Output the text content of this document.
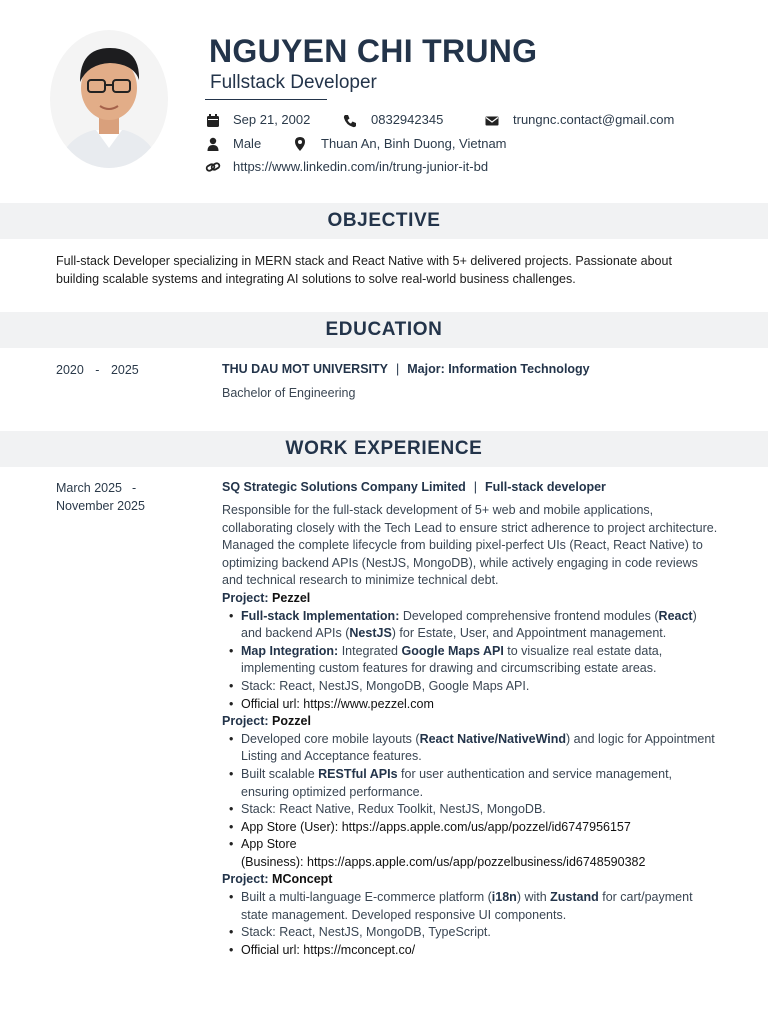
NGUYEN CHI TRUNG
Fullstack Developer
Sep 21, 2002	0832942345	trungnc.contact@gmail.com
Male	Thuan An, Binh Duong, Vietnam
https://www.linkedin.com/in/trung-junior-it-bd
OBJECTIVE
Full-stack Developer specializing in MERN stack and React Native with 5+ delivered projects. Passionate about building scalable systems and integrating AI solutions to solve real-world business challenges.
EDUCATION
2020 - 2025	THU DAU MOT UNIVERSITY | Major: Information Technology
Bachelor of Engineering
WORK EXPERIENCE
March 2025 -
November 2025
SQ Strategic Solutions Company Limited | Full-stack developer

Responsible for the full-stack development of 5+ web and mobile applications, collaborating closely with the Tech Lead to ensure strict adherence to project architecture. Managed the complete lifecycle from building pixel-perfect UIs (React, React Native) to optimizing backend APIs (NestJS, MongoDB), while actively engaging in code reviews and technical research to minimize technical debt.

Project: Pezzel

• Full-stack Implementation: Developed comprehensive frontend modules (React) and backend APIs (NestJS) for Estate, User, and Appointment management.
• Map Integration: Integrated Google Maps API to visualize real estate data, implementing custom features for drawing and circumscribing estate areas.
• Stack: React, NestJS, MongoDB, Google Maps API.
• Official url: https://www.pezzel.com

Project: Pozzel

• Developed core mobile layouts (React Native/NativeWind) and logic for Appointment Listing and Acceptance features.
• Built scalable RESTful APIs for user authentication and service management, ensuring optimized performance.
• Stack: React Native, Redux Toolkit, NestJS, MongoDB.
• App Store (User): https://apps.apple.com/us/app/pozzel/id6747956157
• App Store
(Business): https://apps.apple.com/us/app/pozzelbusiness/id6748590382

Project: MConcept

• Built a multi-language E-commerce platform (i18n) with Zustand for cart/payment state management. Developed responsive UI components.
• Stack: React, NestJS, MongoDB, TypeScript.
• Official url: https://mconcept.co/
